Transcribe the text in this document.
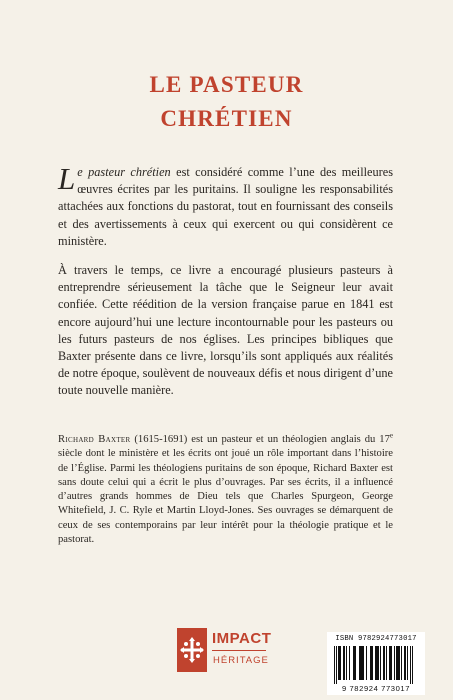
LE PASTEUR
CHRÉTIEN

Le pasteur chrétien est considéré comme l’une des meilleures œuvres écrites par les puritains. Il souligne les responsabilités attachées aux fonctions du pastorat, tout en fournissant des conseils et des avertissements à ceux qui exercent ou qui considèrent ce ministère.

À travers le temps, ce livre a encouragé plusieurs pasteurs à entreprendre sérieusement la tâche que le Seigneur leur avait confiée. Cette réédition de la version française parue en 1841 est encore aujourd’hui une lecture incontournable pour les pasteurs ou les futurs pasteurs de nos églises. Les principes bibliques que Baxter présente dans ce livre, lorsqu’ils sont appliqués aux réalités de notre époque, soulèvent de nouveaux défis et nous dirigent d’une toute nouvelle manière.

Richard Baxter (1615-1691) est un pasteur et un théologien anglais du 17e siècle dont le ministère et les écrits ont joué un rôle important dans l’histoire de l’Église. Parmi les théologiens puritains de son époque, Richard Baxter est sans doute celui qui a écrit le plus d’ouvrages. Par ses écrits, il a influencé d’autres grands hommes de Dieu tels que Charles Spurgeon, George Whitefield, J. C. Ryle et Martin Lloyd-Jones. Ses ouvrages se démarquent de ceux de ses contemporains par leur intérêt pour la théologie pratique et le pastorat.

IMPACT
HÉRITAGE
ISBN 9782924773017
9 782924 773017
